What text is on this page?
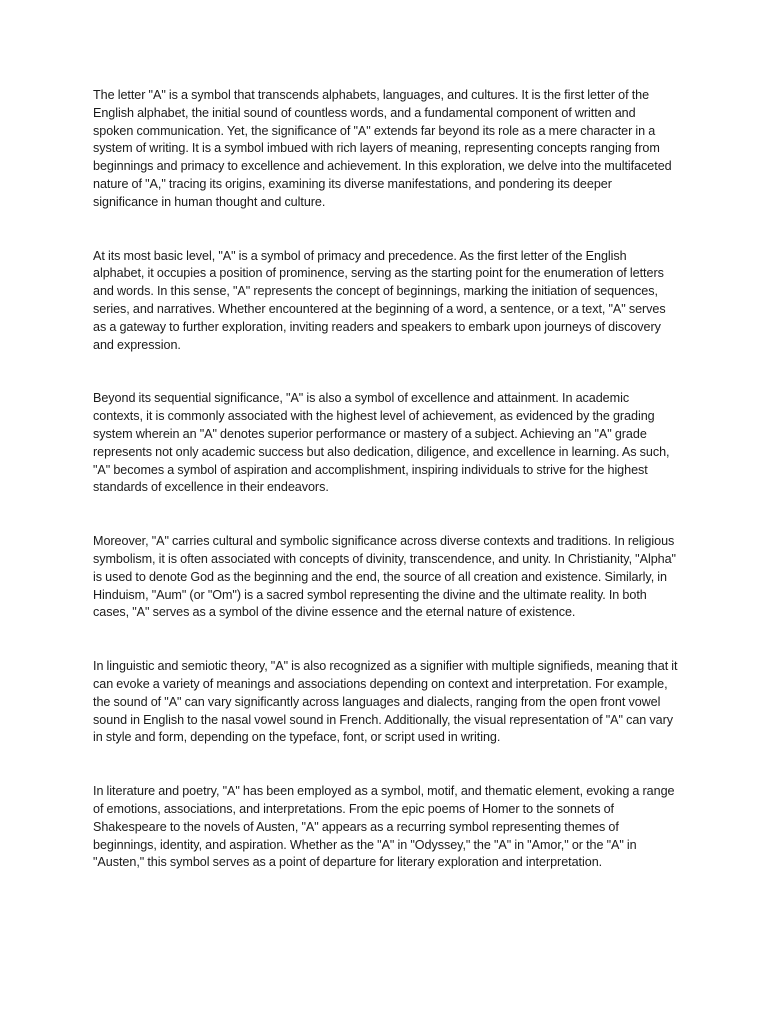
The letter "A" is a symbol that transcends alphabets, languages, and cultures. It is the first letter of the English alphabet, the initial sound of countless words, and a fundamental component of written and spoken communication. Yet, the significance of "A" extends far beyond its role as a mere character in a system of writing. It is a symbol imbued with rich layers of meaning, representing concepts ranging from beginnings and primacy to excellence and achievement. In this exploration, we delve into the multifaceted nature of "A," tracing its origins, examining its diverse manifestations, and pondering its deeper significance in human thought and culture.

At its most basic level, "A" is a symbol of primacy and precedence. As the first letter of the English alphabet, it occupies a position of prominence, serving as the starting point for the enumeration of letters and words. In this sense, "A" represents the concept of beginnings, marking the initiation of sequences, series, and narratives. Whether encountered at the beginning of a word, a sentence, or a text, "A" serves as a gateway to further exploration, inviting readers and speakers to embark upon journeys of discovery and expression.

Beyond its sequential significance, "A" is also a symbol of excellence and attainment. In academic contexts, it is commonly associated with the highest level of achievement, as evidenced by the grading system wherein an "A" denotes superior performance or mastery of a subject. Achieving an "A" grade represents not only academic success but also dedication, diligence, and excellence in learning. As such, "A" becomes a symbol of aspiration and accomplishment, inspiring individuals to strive for the highest standards of excellence in their endeavors.

Moreover, "A" carries cultural and symbolic significance across diverse contexts and traditions. In religious symbolism, it is often associated with concepts of divinity, transcendence, and unity. In Christianity, "Alpha" is used to denote God as the beginning and the end, the source of all creation and existence. Similarly, in Hinduism, "Aum" (or "Om") is a sacred symbol representing the divine and the ultimate reality. In both cases, "A" serves as a symbol of the divine essence and the eternal nature of existence.

In linguistic and semiotic theory, "A" is also recognized as a signifier with multiple signifieds, meaning that it can evoke a variety of meanings and associations depending on context and interpretation. For example, the sound of "A" can vary significantly across languages and dialects, ranging from the open front vowel sound in English to the nasal vowel sound in French. Additionally, the visual representation of "A" can vary in style and form, depending on the typeface, font, or script used in writing.

In literature and poetry, "A" has been employed as a symbol, motif, and thematic element, evoking a range of emotions, associations, and interpretations. From the epic poems of Homer to the sonnets of Shakespeare to the novels of Austen, "A" appears as a recurring symbol representing themes of beginnings, identity, and aspiration. Whether as the "A" in "Odyssey," the "A" in "Amor," or the "A" in "Austen," this symbol serves as a point of departure for literary exploration and interpretation.
